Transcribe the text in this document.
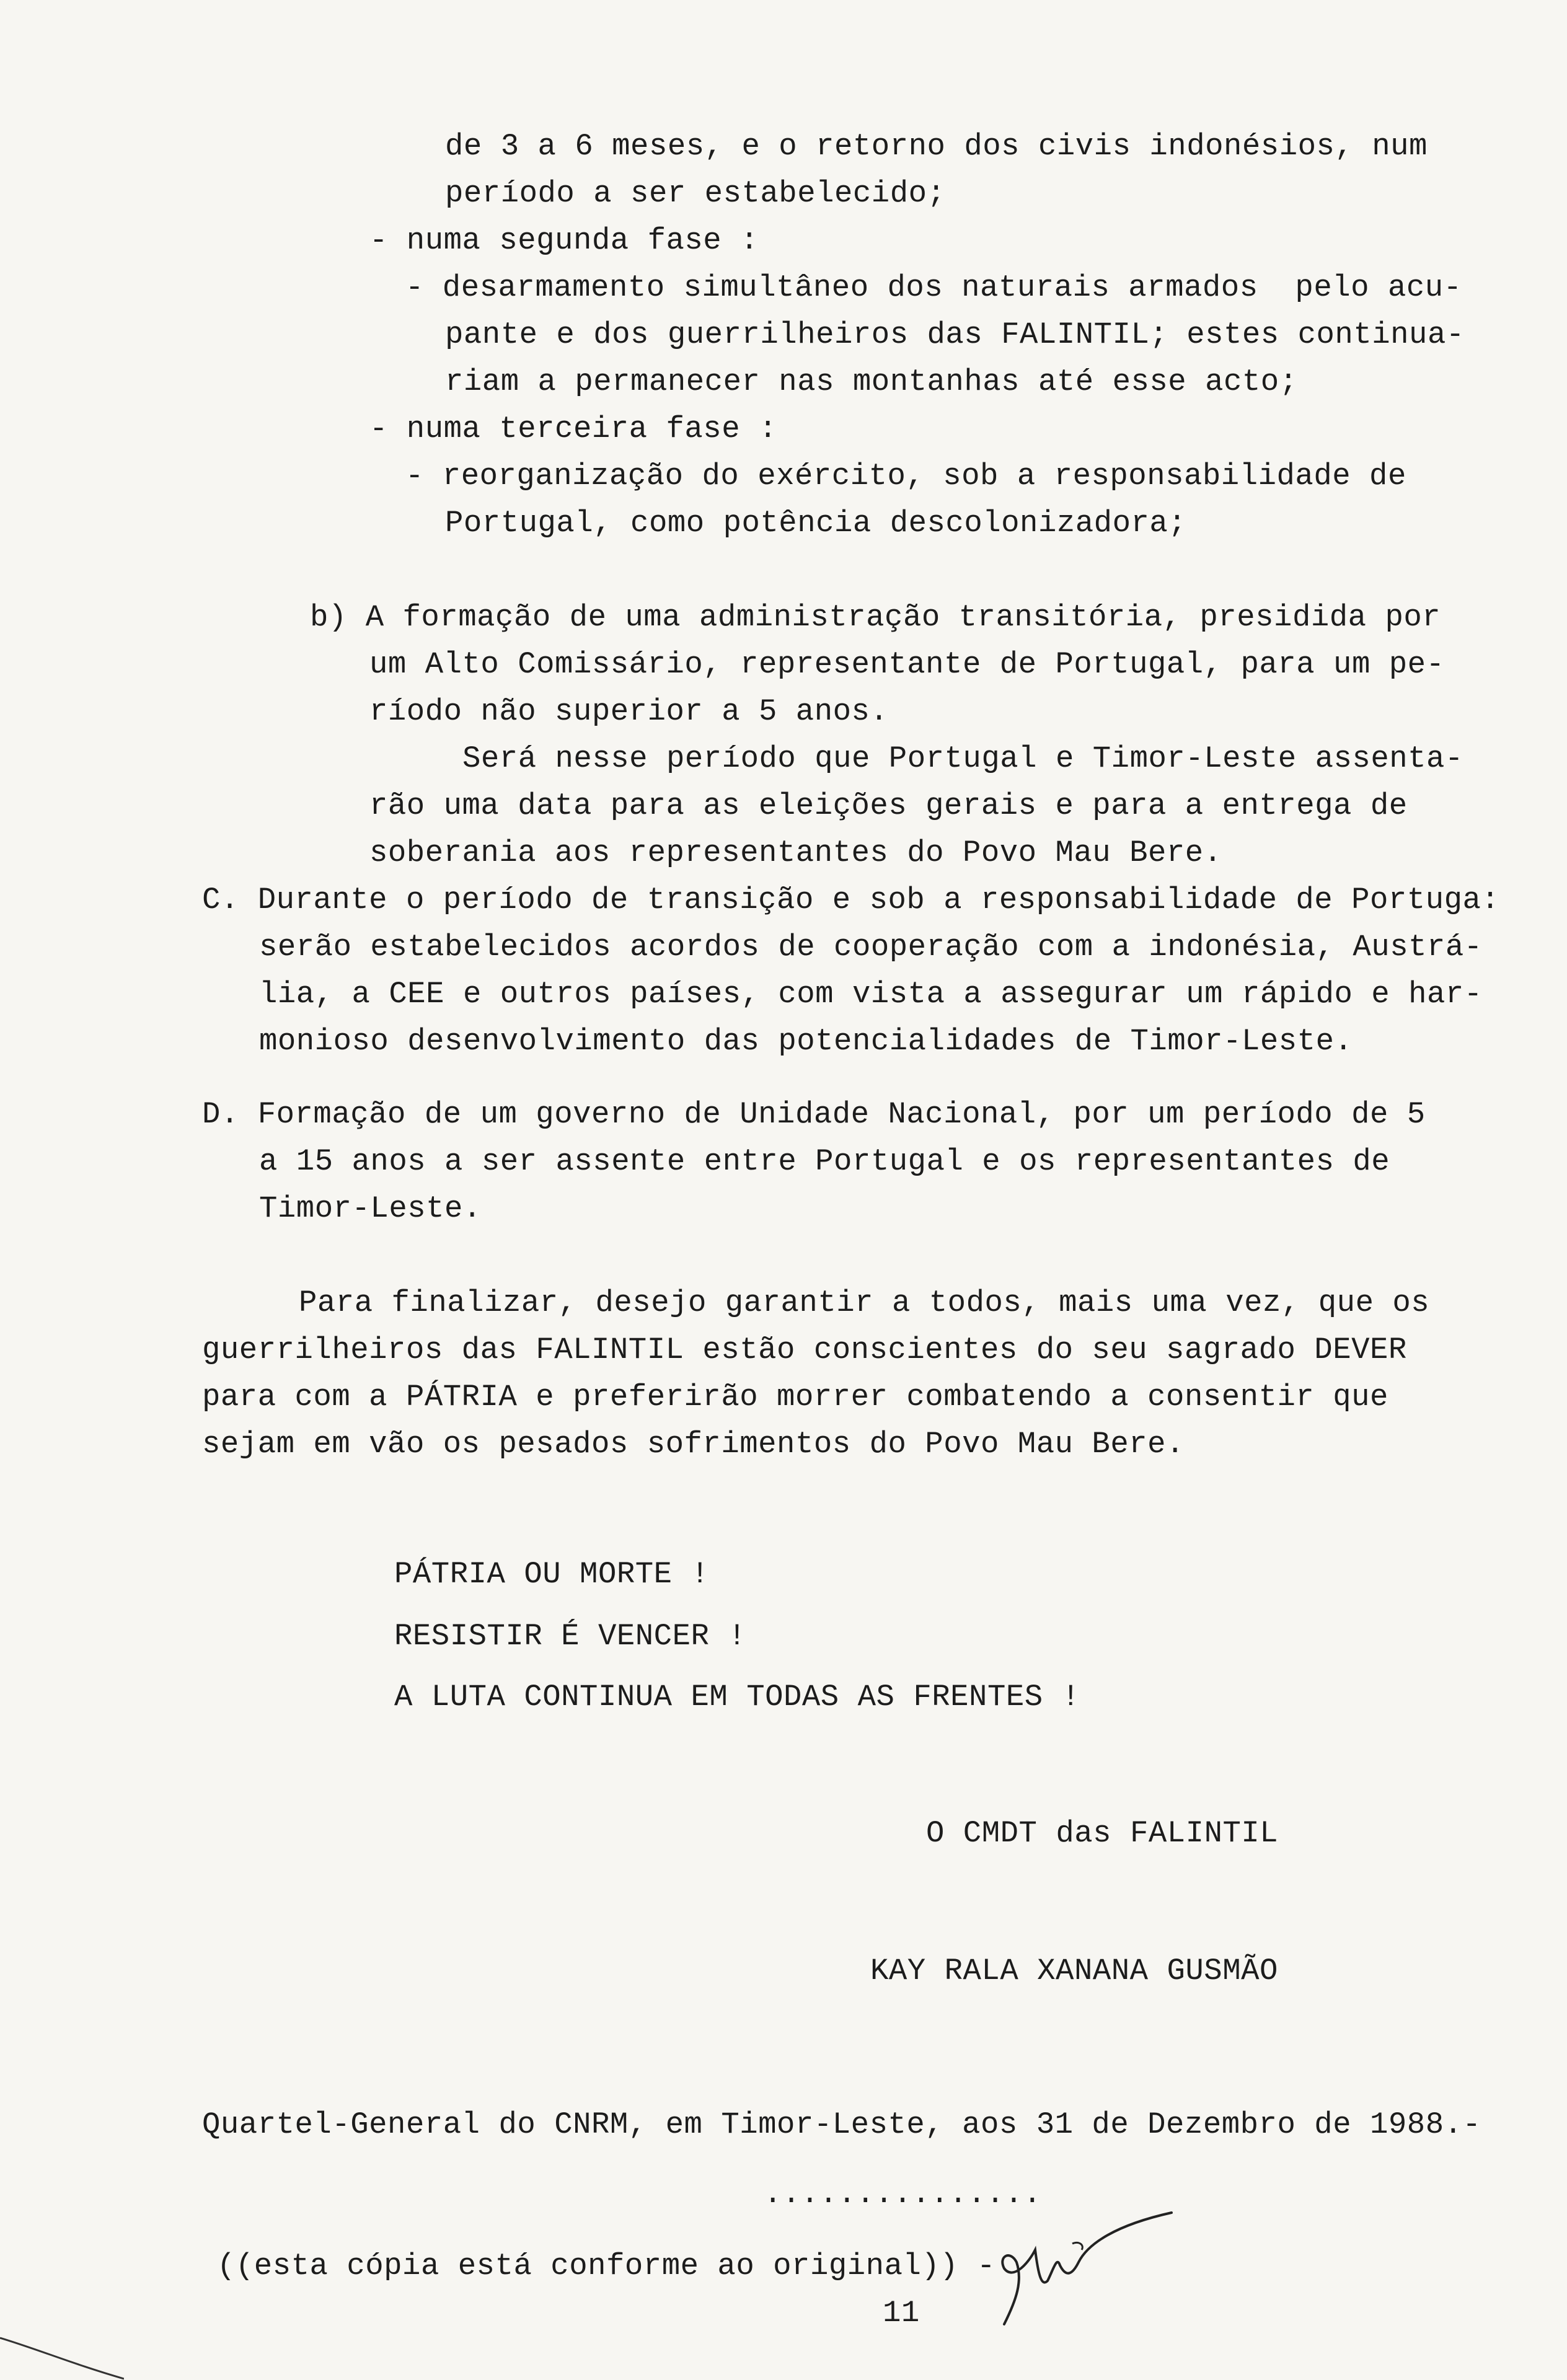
de 3 a 6 meses, e o retorno dos civis indonésios, num
período a ser estabelecido;
- numa segunda fase :
- desarmamento simultâneo dos naturais armados  pelo acu-
pante e dos guerrilheiros das FALINTIL; estes continua-
riam a permanecer nas montanhas até esse acto;
- numa terceira fase :
- reorganização do exército, sob a responsabilidade de
Portugal, como potência descolonizadora;
b) A formação de uma administração transitória, presidida por
um Alto Comissário, representante de Portugal, para um pe-
ríodo não superior a 5 anos.
Será nesse período que Portugal e Timor-Leste assenta-
rão uma data para as eleições gerais e para a entrega de
soberania aos representantes do Povo Mau Bere.
C. Durante o período de transição e sob a responsabilidade de Portuga:
serão estabelecidos acordos de cooperação com a indonésia, Austrá-
lia, a CEE e outros países, com vista a assegurar um rápido e har-
monioso desenvolvimento das potencialidades de Timor-Leste.
D. Formação de um governo de Unidade Nacional, por um período de 5
a 15 anos a ser assente entre Portugal e os representantes de
Timor-Leste.
Para finalizar, desejo garantir a todos, mais uma vez, que os
guerrilheiros das FALINTIL estão conscientes do seu sagrado DEVER
para com a PÁTRIA e preferirão morrer combatendo a consentir que
sejam em vão os pesados sofrimentos do Povo Mau Bere.
PÁTRIA OU MORTE !
RESISTIR É VENCER !
A LUTA CONTINUA EM TODAS AS FRENTES !
O CMDT das FALINTIL
KAY RALA XANANA GUSMÃO
Quartel-General do CNRM, em Timor-Leste, aos 31 de Dezembro de 1988.-
...............
((esta cópia está conforme ao original)) -
11
